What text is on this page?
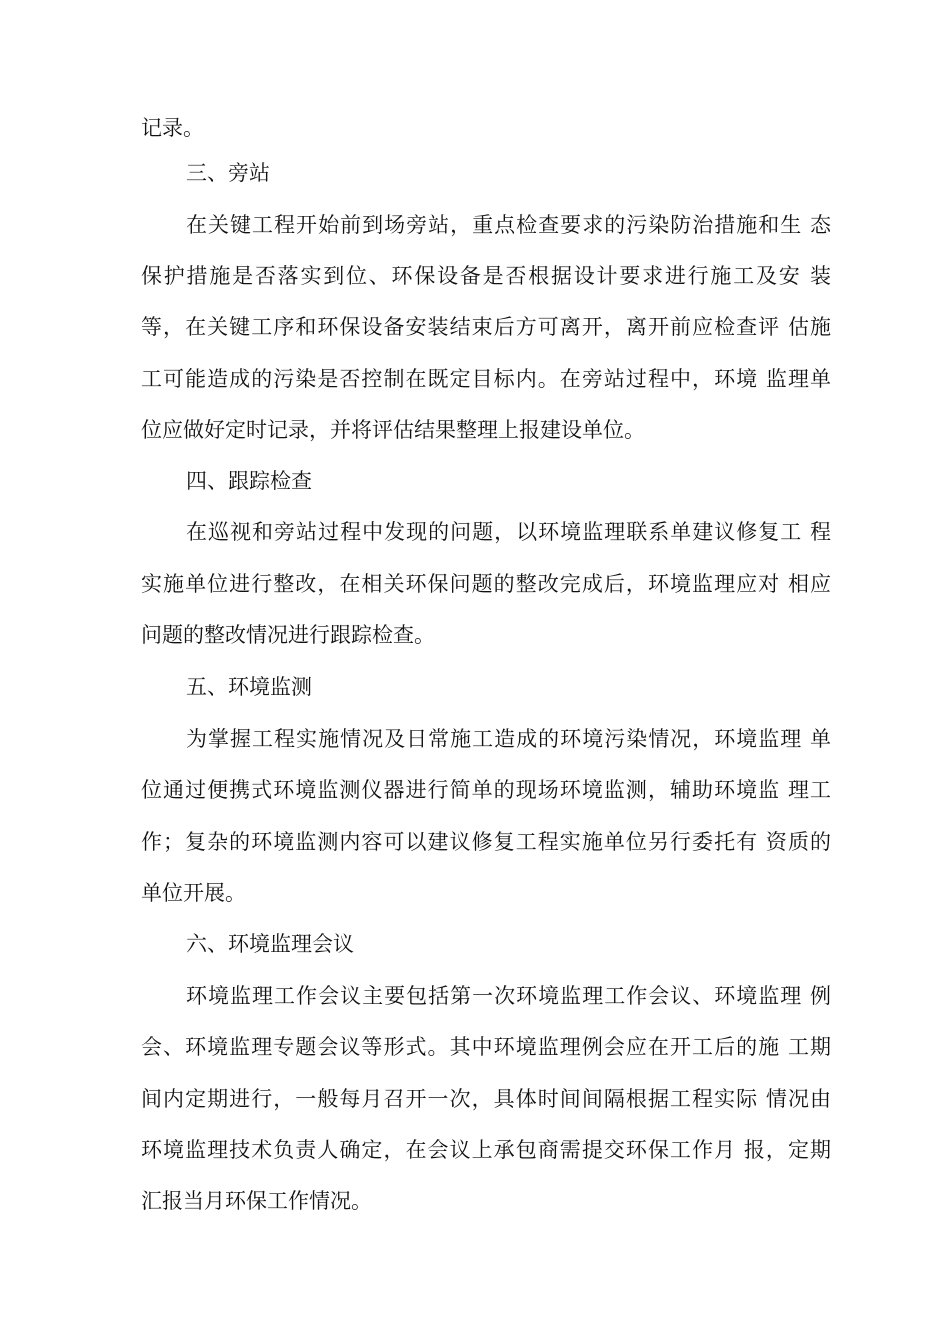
记录。
三、旁站
在关键工程开始前到场旁站，重点检查要求的污染防治措施和生 态
保护措施是否落实到位、环保设备是否根据设计要求进行施工及安 装
等，在关键工序和环保设备安装结束后方可离开，离开前应检查评 估施
工可能造成的污染是否控制在既定目标内。在旁站过程中，环境 监理单
位应做好定时记录，并将评估结果整理上报建设单位。
四、跟踪检查
在巡视和旁站过程中发现的问题，以环境监理联系单建议修复工 程
实施单位进行整改，在相关环保问题的整改完成后，环境监理应对 相应
问题的整改情况进行跟踪检查。
五、环境监测
为掌握工程实施情况及日常施工造成的环境污染情况，环境监理 单
位通过便携式环境监测仪器进行简单的现场环境监测，辅助环境监 理工
作；复杂的环境监测内容可以建议修复工程实施单位另行委托有 资质的
单位开展。
六、环境监理会议
环境监理工作会议主要包括第一次环境监理工作会议、环境监理 例
会、环境监理专题会议等形式。其中环境监理例会应在开工后的施 工期
间内定期进行，一般每月召开一次，具体时间间隔根据工程实际 情况由
环境监理技术负责人确定，在会议上承包商需提交环保工作月 报，定期
汇报当月环保工作情况。
